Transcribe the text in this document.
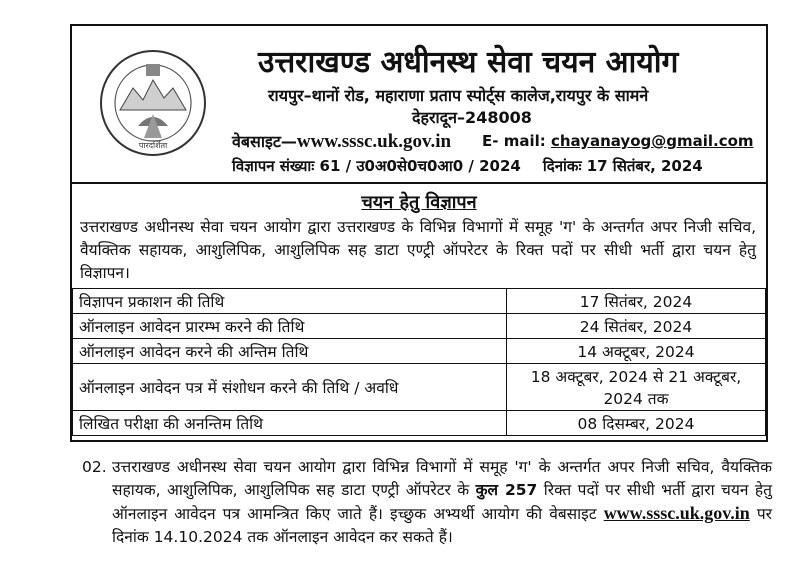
पारदर्शिता
उत्तराखण्ड अधीनस्थ सेवा चयन आयोग
रायपुर–थानों रोड, महाराणा प्रताप स्पोर्ट्स कालेज,रायपुर के सामने
देहरादून–248008
वेबसाइट—www.sssc.uk.gov.in E- mail: chayanayog@gmail.com
विज्ञापन संख्याः 61 / उ0अ0से0च0आ0 / 2024 दिनांकः 17 सितंबर, 2024
चयन हेतु विज्ञापन
उत्तराखण्ड अधीनस्थ सेवा चयन आयोग द्वारा उत्तराखण्ड के विभिन्न विभागों में समूह 'ग' के अन्तर्गत अपर निजी सचिव, वैयक्तिक सहायक, आशुलिपिक, आशुलिपिक सह डाटा एण्ट्री ऑपरेटर के रिक्त पदों पर सीधी भर्ती द्वारा चयन हेतु विज्ञापन।
विज्ञापन प्रकाशन की तिथि	17 सितंबर, 2024
ऑनलाइन आवेदन प्रारम्भ करने की तिथि	24 सितंबर, 2024
ऑनलाइन आवेदन करने की अन्तिम तिथि	14 अक्टूबर, 2024
ऑनलाइन आवेदन पत्र में संशोधन करने की तिथि / अवधि	18 अक्टूबर, 2024 से 21 अक्टूबर, 2024 तक
लिखित परीक्षा की अनन्तिम तिथि	08 दिसम्बर, 2024
02. उत्तराखण्ड अधीनस्थ सेवा चयन आयोग द्वारा विभिन्न विभागों में समूह 'ग' के अन्तर्गत अपर निजी सचिव, वैयक्तिक सहायक, आशुलिपिक, आशुलिपिक सह डाटा एण्ट्री ऑपरेटर के कुल 257 रिक्त पदों पर सीधी भर्ती द्वारा चयन हेतु ऑनलाइन आवेदन पत्र आमन्त्रित किए जाते हैं। इच्छुक अभ्यर्थी आयोग की वेबसाइट www.sssc.uk.gov.in पर दिनांक 14.10.2024 तक ऑनलाइन आवेदन कर सकते हैं।
